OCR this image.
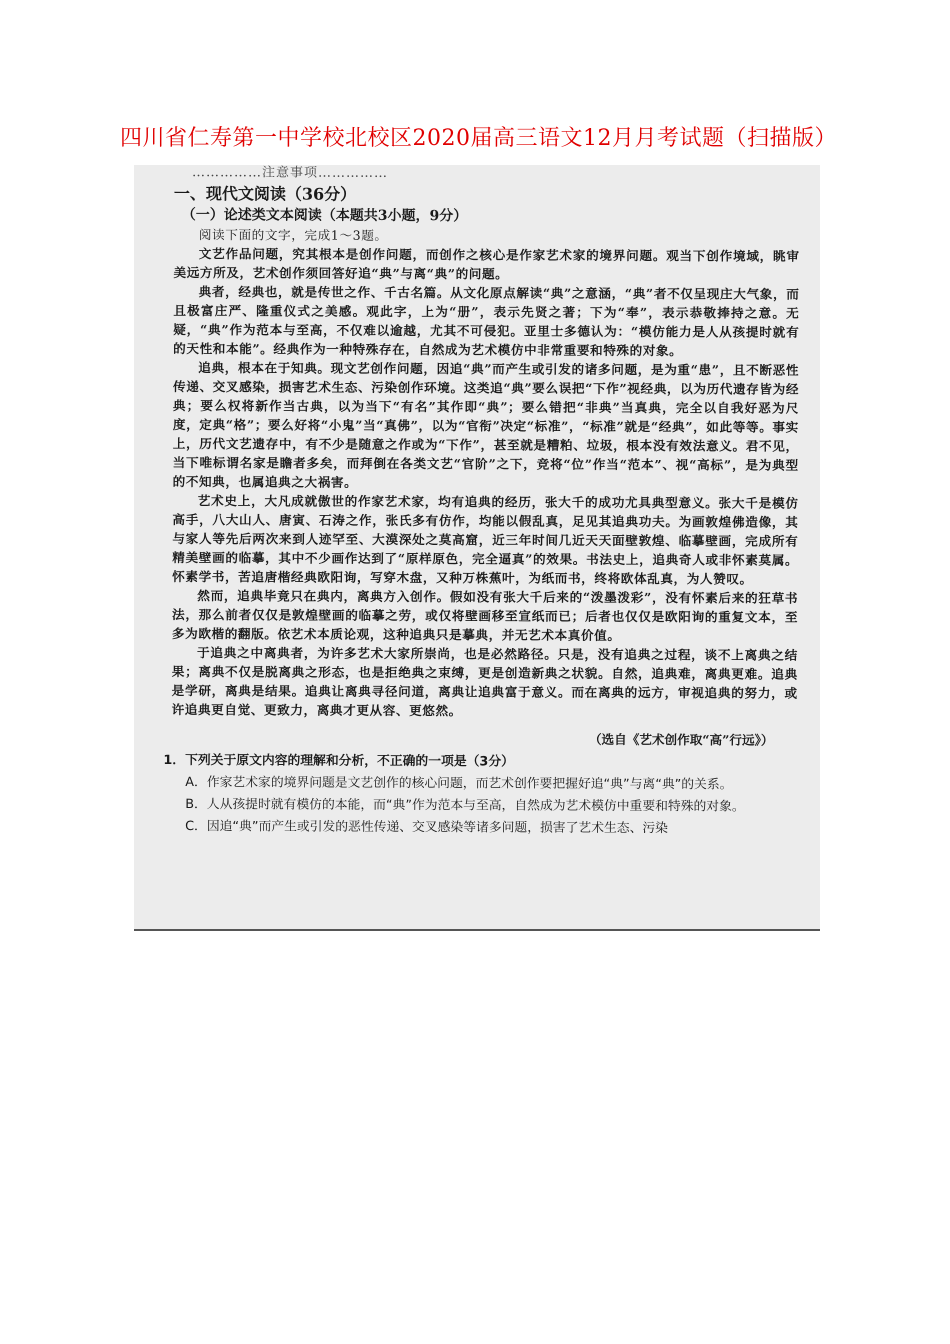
四川省仁寿第一中学校北校区2020届高三语文12月月考试题（扫描版）
……………注意事项……………
一、现代文阅读（36分）
（一）论述类文本阅读（本题共3小题，9分）
阅读下面的文字，完成1～3题。
文艺作品问题，究其根本是创作问题，而创作之核心是作家艺术家的境界问题。观当下创作境域，眺审美远方所及，艺术创作须回答好追“典”与离“典”的问题。
典者，经典也，就是传世之作、千古名篇。从文化原点解读“典”之意涵，“典”者不仅呈现庄大气象，而且极富庄严、隆重仪式之美感。观此字，上为“册”，表示先贤之著；下为“奉”，表示恭敬捧持之意。无疑，“典”作为范本与至高，不仅难以逾越，尤其不可侵犯。亚里士多德认为：“模仿能力是人从孩提时就有的天性和本能”。经典作为一种特殊存在，自然成为艺术模仿中非常重要和特殊的对象。
追典，根本在于知典。现文艺创作问题，因追“典”而产生或引发的诸多问题，是为重“患”，且不断恶性传递、交叉感染，损害艺术生态、污染创作环境。这类追“典”要么误把“下作”视经典，以为历代遗存皆为经典；要么权将新作当古典，以为当下“有名”其作即“典”；要么错把“非典”当真典，完全以自我好恶为尺度，定典“格”；要么好将“小鬼”当“真佛”，以为“官衔”决定“标准”，“标准”就是“经典”，如此等等。事实上，历代文艺遗存中，有不少是随意之作或为“下作”，甚至就是糟粕、垃圾，根本没有效法意义。君不见，当下唯标谓名家是瞻者多矣，而拜倒在各类文艺“官阶”之下，竞将“位”作当“范本”、视“高标”，是为典型的不知典，也属追典之大祸害。
艺术史上，大凡成就傲世的作家艺术家，均有追典的经历，张大千的成功尤具典型意义。张大千是模仿高手，八大山人、唐寅、石涛之作，张氏多有仿作，均能以假乱真，足见其追典功夫。为画敦煌佛造像，其与家人等先后两次来到人迹罕至、大漠深处之莫高窟，近三年时间几近天天面壁敦煌、临摹壁画，完成所有精美壁画的临摹，其中不少画作达到了“原样原色，完全逼真”的效果。书法史上，追典奇人或非怀素莫属。怀素学书，苦追唐楷经典欧阳询，写穿木盘，又种万株蕉叶，为纸而书，终将欧体乱真，为人赞叹。
然而，追典毕竟只在典内，离典方入创作。假如没有张大千后来的“泼墨泼彩”，没有怀素后来的狂草书法，那么前者仅仅是敦煌壁画的临摹之劳，或仅将壁画移至宣纸而已；后者也仅仅是欧阳询的重复文本，至多为欧楷的翻版。依艺术本质论观，这种追典只是摹典，并无艺术本真价值。
于追典之中离典者，为许多艺术大家所崇尚，也是必然路径。只是，没有追典之过程，谈不上离典之结果；离典不仅是脱离典之形态，也是拒绝典之束缚，更是创造新典之状貌。自然，追典难，离典更难。追典是学研，离典是结果。追典让离典寻径问道，离典让追典富于意义。而在离典的远方，审视追典的努力，或许追典更自觉、更致力，离典才更从容、更悠然。
（选自《艺术创作取“高”行远》）
1．下列关于原文内容的理解和分析，不正确的一项是（3分）
A．作家艺术家的境界问题是文艺创作的核心问题，而艺术创作要把握好追“典”与离“典”的关系。
B．人从孩提时就有模仿的本能，而“典”作为范本与至高，自然成为艺术模仿中重要和特殊的对象。
C．因追“典”而产生或引发的恶性传递、交叉感染等诸多问题，损害了艺术生态、污染
